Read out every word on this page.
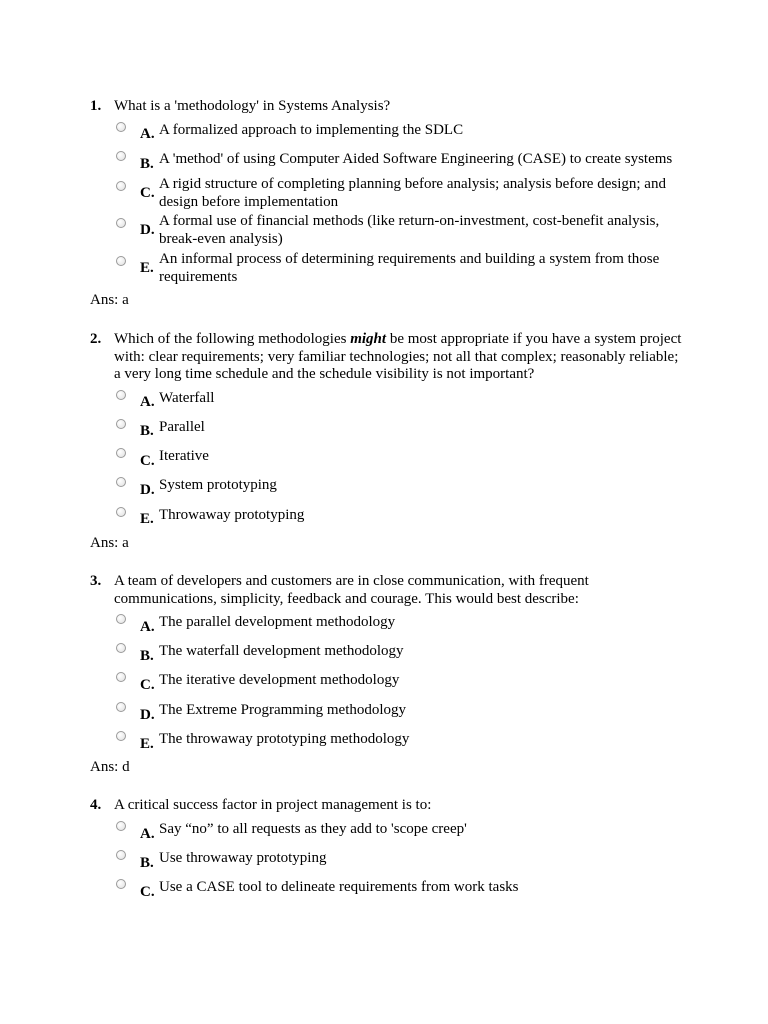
1. What is a 'methodology' in Systems Analysis?
A. A formalized approach to implementing the SDLC
B. A 'method' of using Computer Aided Software Engineering (CASE) to create systems
C.
A rigid structure of completing planning before analysis; analysis before design; and design before implementation
D.
A formal use of financial methods (like return-on-investment, cost-benefit analysis, break-even analysis)
E.
An informal process of determining requirements and building a system from those requirements
Ans: a
2. Which of the following methodologies might be most appropriate if you have a system project with: clear requirements; very familiar technologies; not all that complex; reasonably reliable; a very long time schedule and the schedule visibility is not important?
A. Waterfall
B. Parallel
C. Iterative
D. System prototyping
E. Throwaway prototyping
Ans: a
3. A team of developers and customers are in close communication, with frequent communications, simplicity, feedback and courage. This would best describe:
A. The parallel development methodology
B. The waterfall development methodology
C. The iterative development methodology
D. The Extreme Programming methodology
E. The throwaway prototyping methodology
Ans: d
4. A critical success factor in project management is to:
A. Say “no” to all requests as they add to 'scope creep'
B. Use throwaway prototyping
C. Use a CASE tool to delineate requirements from work tasks
